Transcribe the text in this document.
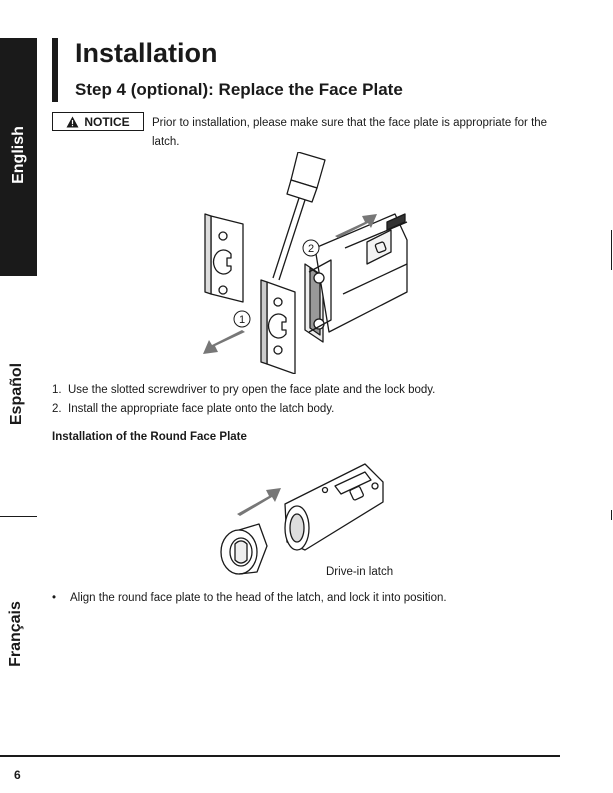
English
Español
Français
Installation
Step 4 (optional): Replace the Face Plate
NOTICE Prior to installation, please make sure that the face plate is appropriate for the latch.
1
2
1. Use the slotted screwdriver to pry open the face plate and the lock body.
2. Install the appropriate face plate onto the latch body.
Installation of the Round Face Plate
Drive-in latch
•	Align the round face plate to the head of the latch, and lock it into position.
6
